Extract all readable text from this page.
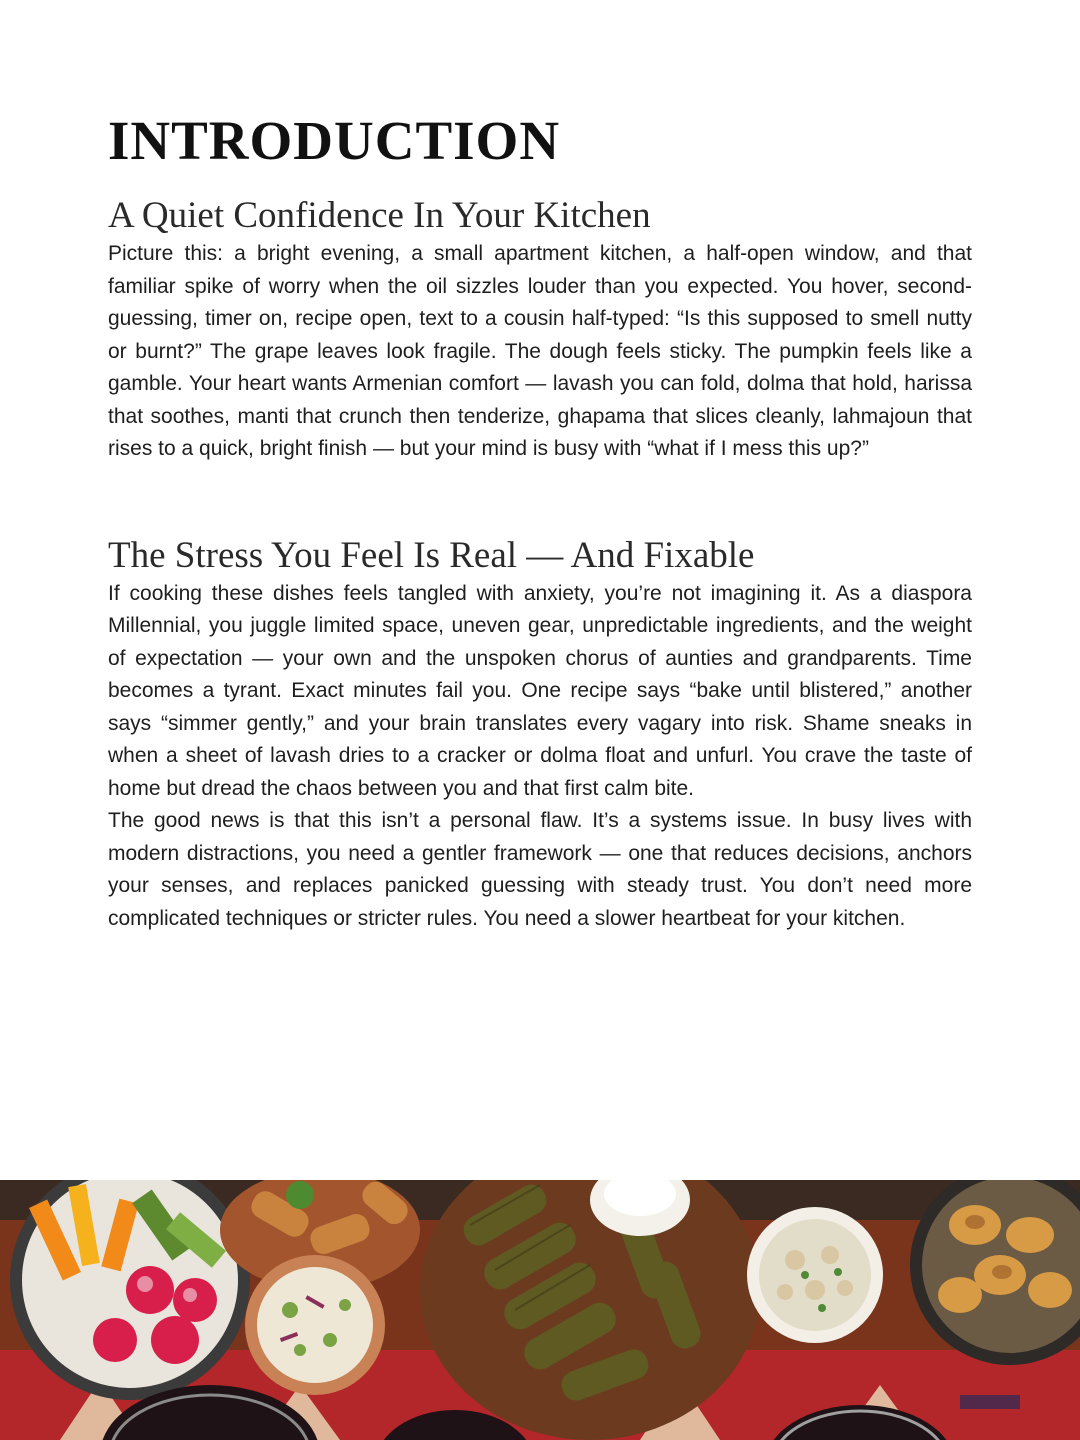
INTRODUCTION
A Quiet Confidence In Your Kitchen

Picture this: a bright evening, a small apartment kitchen, a half-open window, and that familiar spike of worry when the oil sizzles louder than you expected. You hover, second-guessing, timer on, recipe open, text to a cousin half-typed: “Is this supposed to smell nutty or burnt?” The grape leaves look fragile. The dough feels sticky. The pumpkin feels like a gamble. Your heart wants Armenian comfort — lavash you can fold, dolma that hold, harissa that soothes, manti that crunch then tenderize, ghapama that slices cleanly, lahmajoun that rises to a quick, bright finish — but your mind is busy with “what if I mess this up?”

The Stress You Feel Is Real — And Fixable

If cooking these dishes feels tangled with anxiety, you’re not imagining it. As a diaspora Millennial, you juggle limited space, uneven gear, unpredictable ingredients, and the weight of expectation — your own and the unspoken chorus of aunties and grandparents. Time becomes a tyrant. Exact minutes fail you. One recipe says “bake until blistered,” another says “simmer gently,” and your brain translates every vagary into risk. Shame sneaks in when a sheet of lavash dries to a cracker or dolma float and unfurl. You crave the taste of home but dread the chaos between you and that first calm bite.

The good news is that this isn’t a personal flaw. It’s a systems issue. In busy lives with modern distractions, you need a gentler framework — one that reduces decisions, anchors your senses, and replaces panicked guessing with steady trust. You don’t need more complicated techniques or stricter rules. You need a slower heartbeat for your kitchen.
